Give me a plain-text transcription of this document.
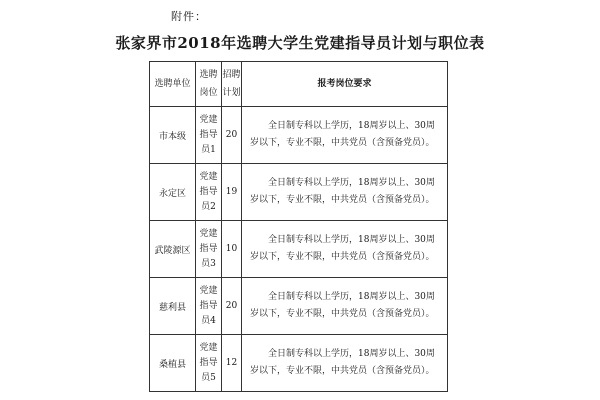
附件：
张家界市2018年选聘大学生党建指导员计划与职位表
选聘单位	选聘岗位	招聘计划	报考岗位要求
市本级	党建指导员1	20	全日制专科以上学历，18周岁以上、30周岁以下，专业不限，中共党员（含预备党员）。
永定区	党建指导员2	19	全日制专科以上学历，18周岁以上、30周岁以下，专业不限，中共党员（含预备党员）。
武陵源区	党建指导员3	10	全日制专科以上学历，18周岁以上、30周岁以下，专业不限，中共党员（含预备党员）。
慈利县	党建指导员4	20	全日制专科以上学历，18周岁以上、30周岁以下，专业不限，中共党员（含预备党员）。
桑植县	党建指导员5	12	全日制专科以上学历，18周岁以上、30周岁以下，专业不限，中共党员（含预备党员）。
